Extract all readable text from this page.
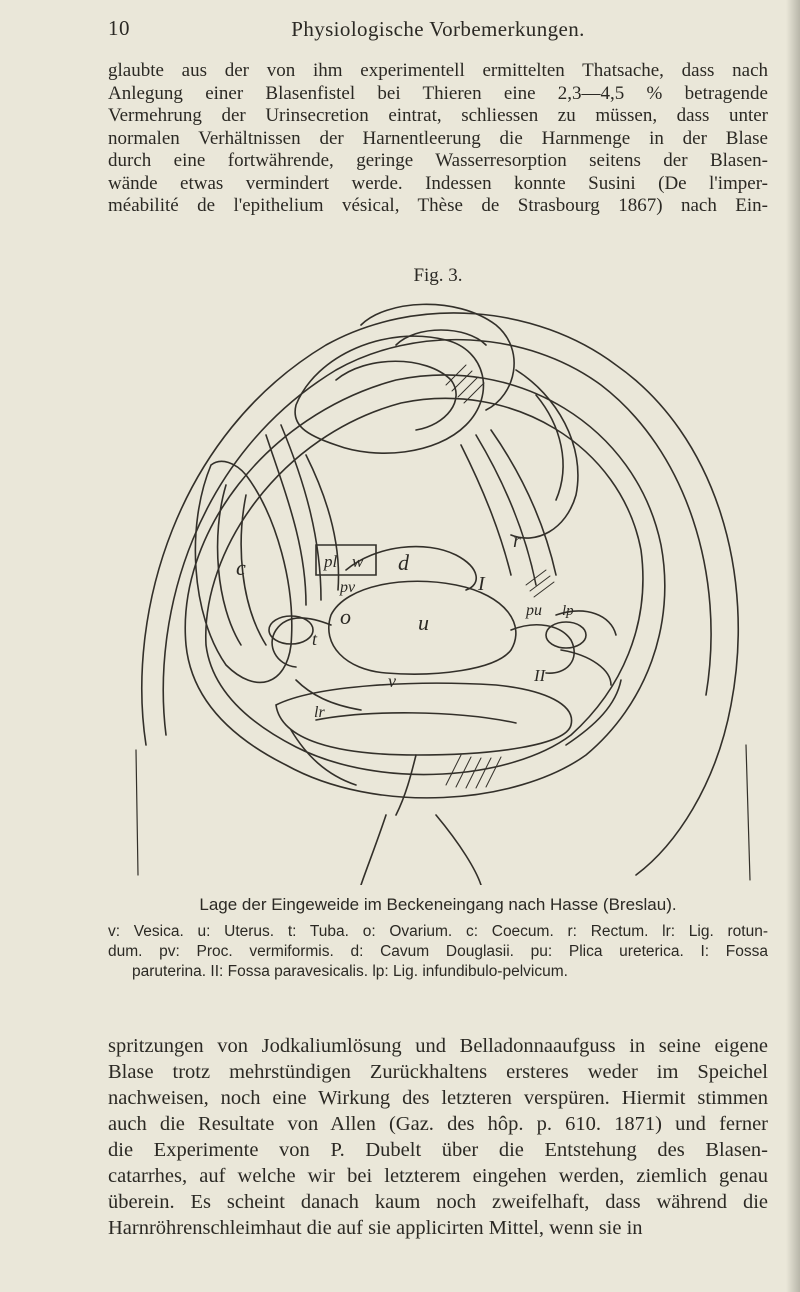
10	Physiologische Vorbemerkungen.
glaubte aus der von ihm experimentell ermittelten Thatsache, dass nach
Anlegung einer Blasenfistel bei Thieren eine 2,3—4,5 % betragende
Vermehrung der Urinsecretion eintrat, schliessen zu müssen, dass unter
normalen Verhältnissen der Harnentleerung die Harnmenge in der Blase
durch eine fortwährende, geringe Wasserresorption seitens der Blasen-
wände etwas vermindert werde. Indessen konnte Susini (De l'imper-
méabilité de l'epithelium vésical, Thèse de Strasbourg 1867) nach Ein-
Fig. 3.
c	pl w
pv
d
r
o
t
u
I
pu
lr
v	II
lp
Lage der Eingeweide im Beckeneingang nach Hasse (Breslau).
v: Vesica. u: Uterus. t: Tuba. o: Ovarium. c: Coecum. r: Rectum. lr: Lig. rotun-
dum. pv: Proc. vermiformis. d: Cavum Douglasii. pu: Plica ureterica. I: Fossa
paruterina. II: Fossa paravesicalis. lp: Lig. infundibulo-pelvicum.
spritzungen von Jodkaliumlösung und Belladonnaaufguss in seine eigene
Blase trotz mehrstündigen Zurückhaltens ersteres weder im Speichel
nachweisen, noch eine Wirkung des letzteren verspüren. Hiermit stimmen
auch die Resultate von Allen (Gaz. des hôp. p. 610. 1871) und ferner
die Experimente von P. Dubelt über die Entstehung des Blasen-
catarrhes, auf welche wir bei letzterem eingehen werden, ziemlich genau
überein. Es scheint danach kaum noch zweifelhaft, dass während die
Harnröhrenschleimhaut die auf sie applicirten Mittel, wenn sie in
